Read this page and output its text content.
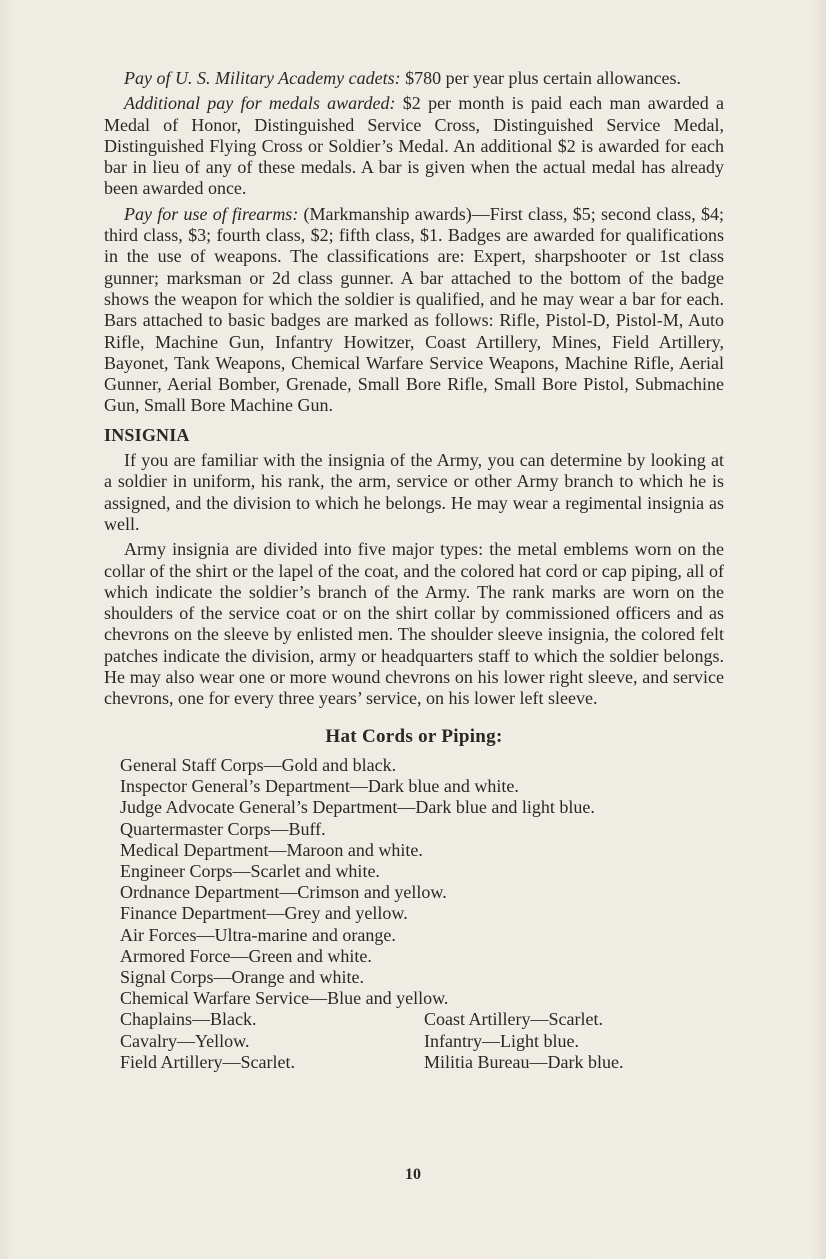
Pay of U. S. Military Academy cadets: $780 per year plus certain allowances.

Additional pay for medals awarded: $2 per month is paid each man awarded a Medal of Honor, Distinguished Service Cross, Distinguished Service Medal, Distinguished Flying Cross or Soldier’s Medal. An additional $2 is awarded for each bar in lieu of any of these medals. A bar is given when the actual medal has already been awarded once.

Pay for use of firearms: (Markmanship awards)—First class, $5; second class, $4; third class, $3; fourth class, $2; fifth class, $1. Badges are awarded for qualifications in the use of weapons. The classifications are: Expert, sharpshooter or 1st class gunner; marksman or 2d class gunner. A bar attached to the bottom of the badge shows the weapon for which the soldier is qualified, and he may wear a bar for each. Bars attached to basic badges are marked as follows: Rifle, Pistol-D, Pistol-M, Auto Rifle, Machine Gun, Infantry Howitzer, Coast Artillery, Mines, Field Artillery, Bayonet, Tank Weapons, Chemical Warfare Service Weapons, Machine Rifle, Aerial Gunner, Aerial Bomber, Grenade, Small Bore Rifle, Small Bore Pistol, Submachine Gun, Small Bore Machine Gun.

INSIGNIA

If you are familiar with the insignia of the Army, you can determine by looking at a soldier in uniform, his rank, the arm, service or other Army branch to which he is assigned, and the division to which he belongs. He may wear a regimental insignia as well.

Army insignia are divided into five major types: the metal emblems worn on the collar of the shirt or the lapel of the coat, and the colored hat cord or cap piping, all of which indicate the soldier’s branch of the Army. The rank marks are worn on the shoulders of the service coat or on the shirt collar by commissioned officers and as chevrons on the sleeve by enlisted men. The shoulder sleeve insignia, the colored felt patches indicate the division, army or headquarters staff to which the soldier belongs. He may also wear one or more wound chevrons on his lower right sleeve, and service chevrons, one for every three years’ service, on his lower left sleeve.

Hat Cords or Piping:
General Staff Corps—Gold and black.
Inspector General’s Department—Dark blue and white.
Judge Advocate General’s Department—Dark blue and light blue.
Quartermaster Corps—Buff.
Medical Department—Maroon and white.
Engineer Corps—Scarlet and white.
Ordnance Department—Crimson and yellow.
Finance Department—Grey and yellow.
Air Forces—Ultra-marine and orange.
Armored Force—Green and white.
Signal Corps—Orange and white.
Chemical Warfare Service—Blue and yellow.
Chaplains—Black.
Cavalry—Yellow.
Field Artillery—Scarlet.
Coast Artillery—Scarlet.
Infantry—Light blue.
Militia Bureau—Dark blue.
10
